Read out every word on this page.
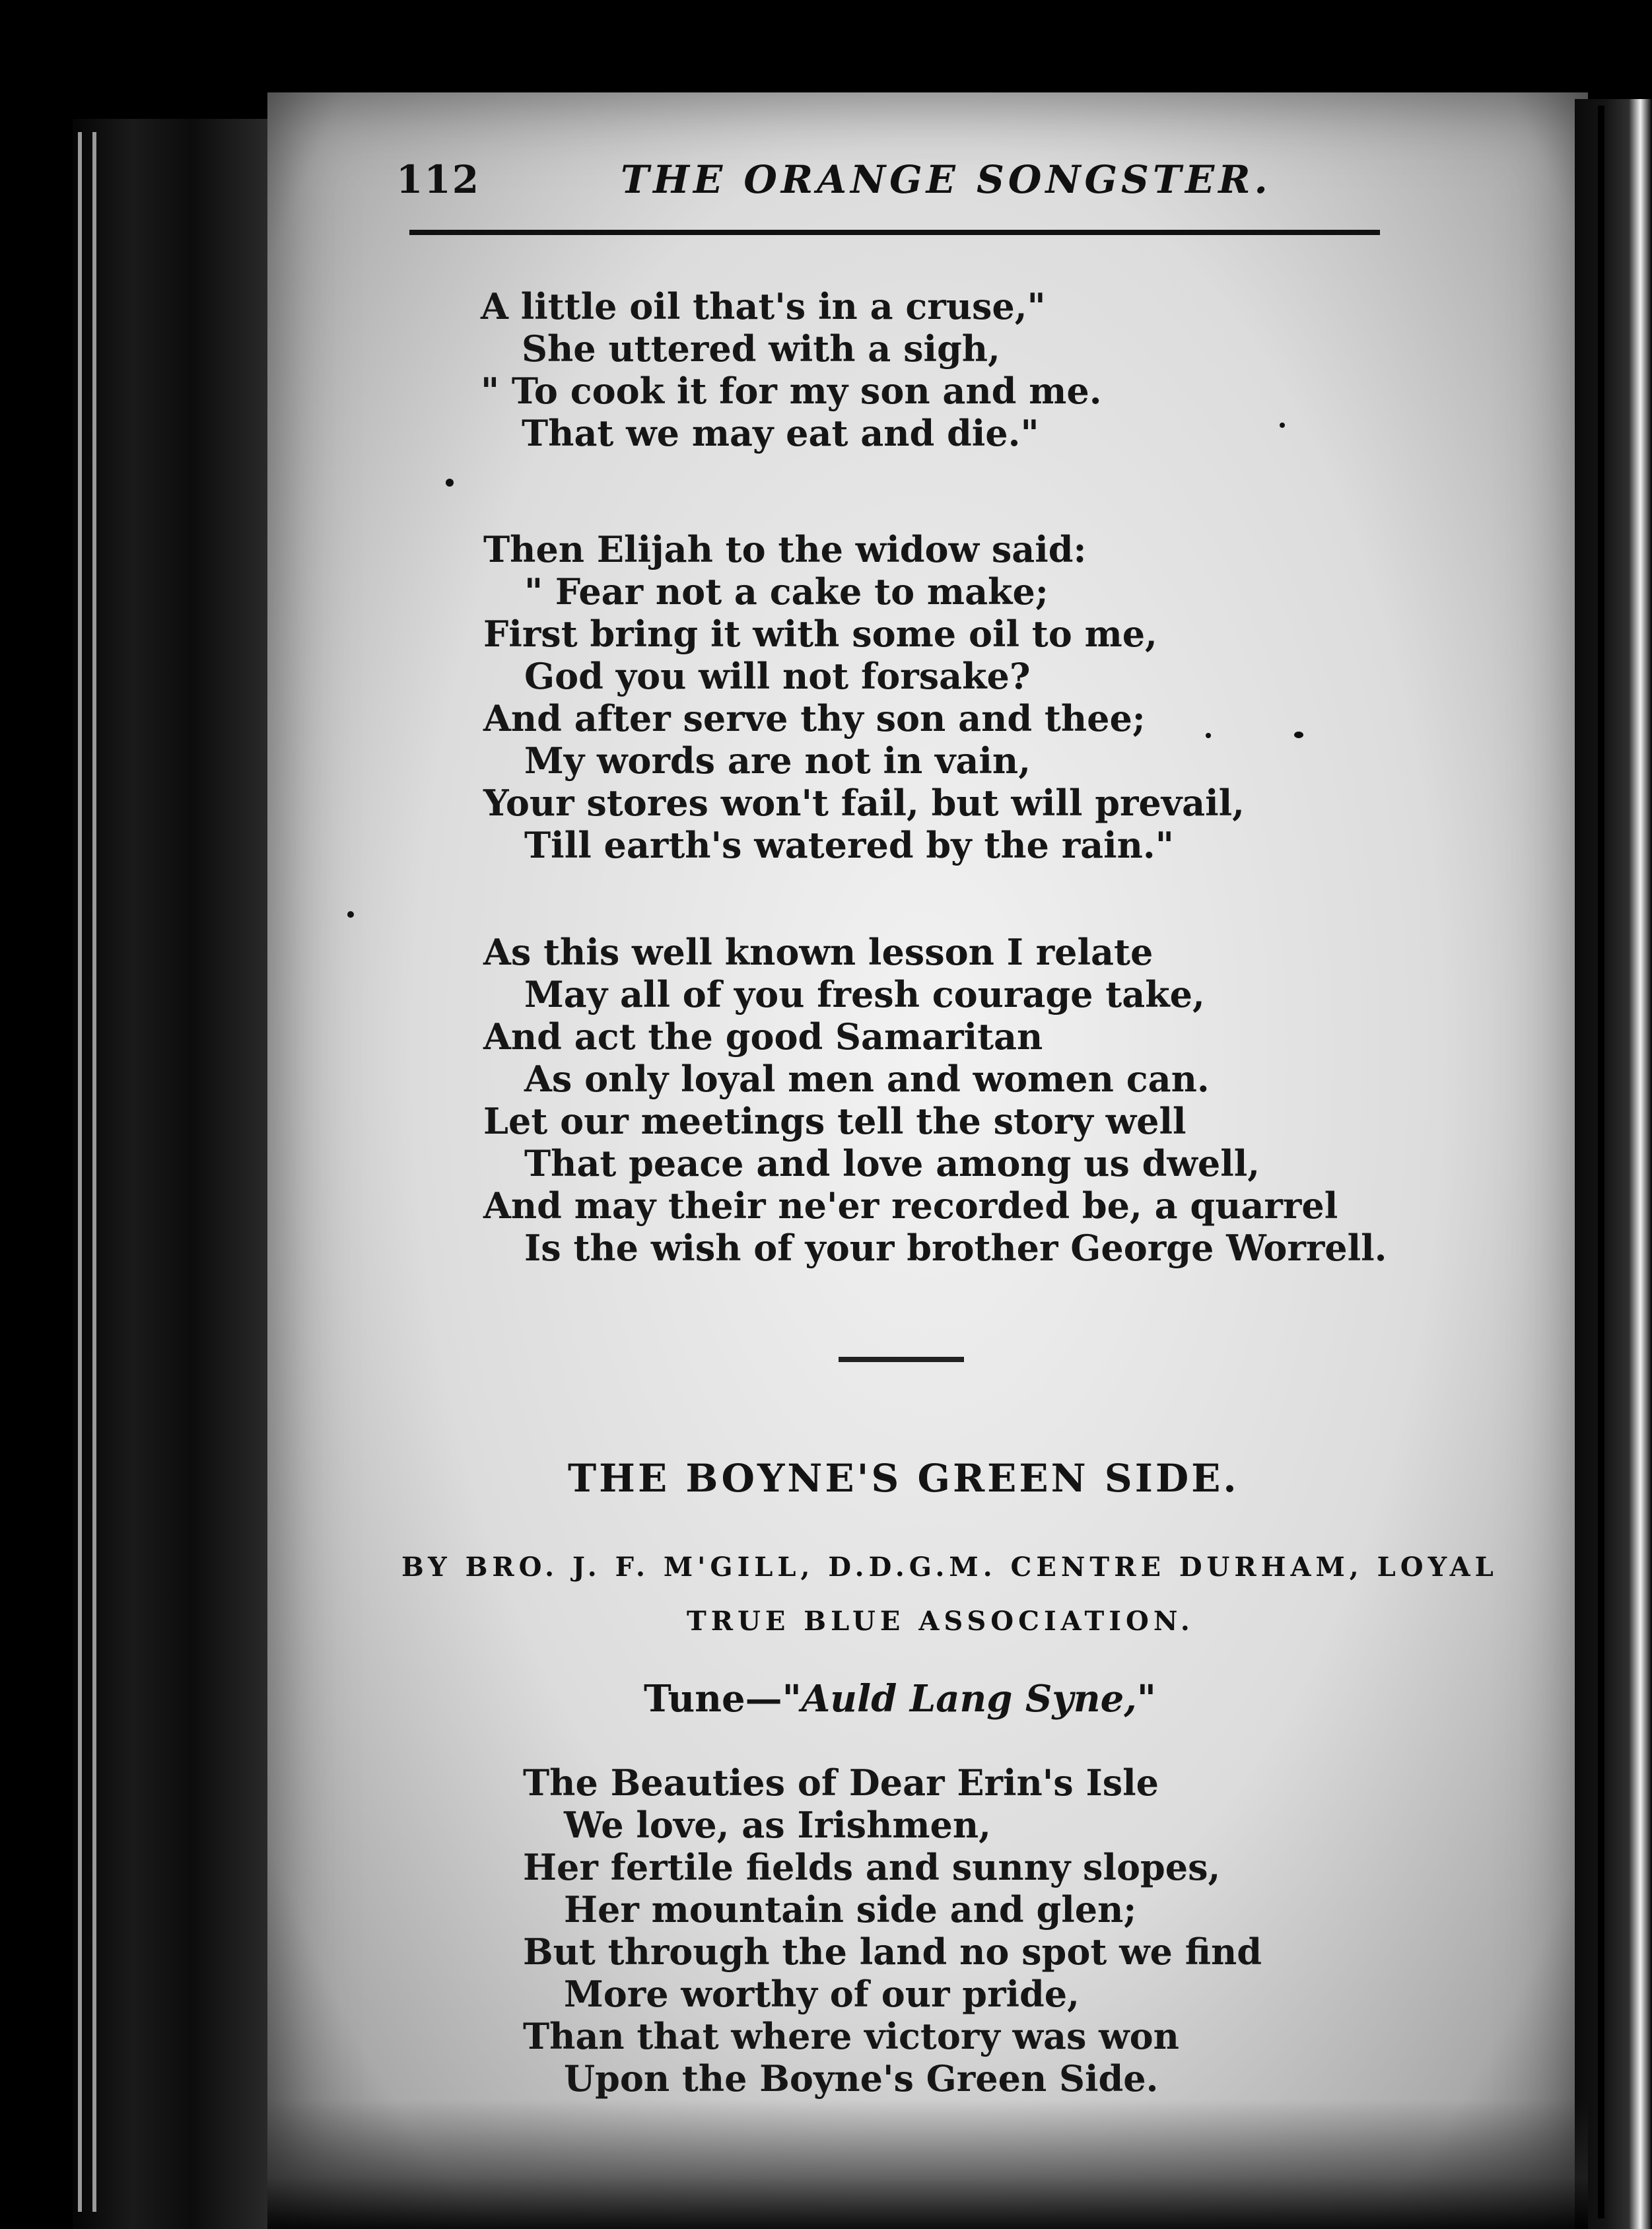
112	THE ORANGE SONGSTER.
A little oil that's in a cruse,"
She uttered with a sigh,
" To cook it for my son and me.
That we may eat and die."
Then Elijah to the widow said:
" Fear not a cake to make;
First bring it with some oil to me,
God you will not forsake?
And after serve thy son and thee;
My words are not in vain,
Your stores won't fail, but will prevail,
Till earth's watered by the rain."
As this well known lesson I relate
May all of you fresh courage take,
And act the good Samaritan
As only loyal men and women can.
Let our meetings tell the story well
That peace and love among us dwell,
And may their ne'er recorded be, a quarrel
Is the wish of your brother George Worrell.
THE BOYNE'S GREEN SIDE.
BY BRO. J. F. M'GILL, D.D.G.M. CENTRE DURHAM, LOYAL
TRUE BLUE ASSOCIATION.
Tune—"Auld Lang Syne,"
The Beauties of Dear Erin's Isle
We love, as Irishmen,
Her fertile fields and sunny slopes,
Her mountain side and glen;
But through the land no spot we find
More worthy of our pride,
Than that where victory was won
Upon the Boyne's Green Side.
